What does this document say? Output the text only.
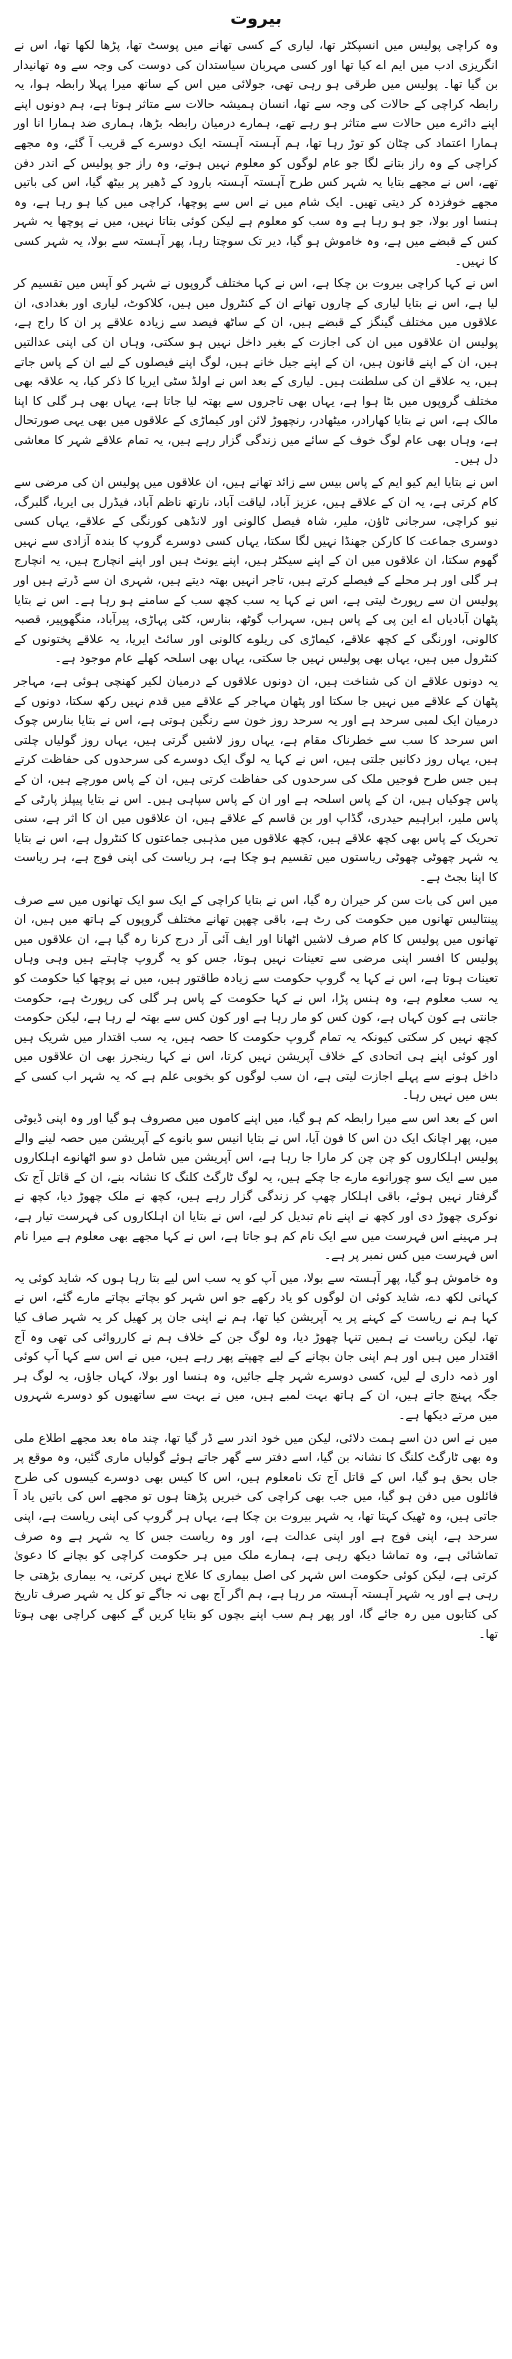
بیروت

وہ کراچی پولیس میں انسپکٹر تھا، لیاری کے کسی تھانے میں پوسٹ تھا، پڑھا لکھا تھا، اس نے انگریزی ادب میں ایم اے کیا تھا اور کسی مہربان سیاستدان کی دوست کی وجہ سے وہ تھانیدار بن گیا تھا۔ پولیس میں طرقی ہو رہی تھی، جولائی میں اس کے ساتھ میرا پہلا رابطہ ہوا، یہ رابطہ کراچی کے حالات کی وجہ سے تھا، انسان ہمیشہ حالات سے متاثر ہوتا ہے، ہم دونوں اپنے اپنے دائرے میں حالات سے متاثر ہو رہے تھے، ہمارے درمیان رابطہ بڑھا، ہماری ضد ہمارا انا اور ہمارا اعتماد کی چٹان کو توڑ رہا تھا، ہم آہستہ آہستہ ایک دوسرے کے قریب آ گئے، وہ مجھے کراچی کے وہ راز بتانے لگا جو عام لوگوں کو معلوم نہیں ہوتے، وہ راز جو پولیس کے اندر دفن تھے، اس نے مجھے بتایا یہ شہر کس طرح آہستہ آہستہ بارود کے ڈھیر پر بیٹھ گیا، اس کی باتیں مجھے خوفزدہ کر دیتی تھیں۔ ایک شام میں نے اس سے پوچھا، کراچی میں کیا ہو رہا ہے، وہ ہنسا اور بولا، جو ہو رہا ہے وہ سب کو معلوم ہے لیکن کوئی بتاتا نہیں، میں نے پوچھا یہ شہر کس کے قبضے میں ہے، وہ خاموش ہو گیا، دیر تک سوچتا رہا، پھر آہستہ سے بولا، یہ شہر کسی کا نہیں۔

اس نے کہا کراچی بیروت بن چکا ہے، اس نے کہا مختلف گروپوں نے شہر کو آپس میں تقسیم کر لیا ہے، اس نے بتایا لیاری کے چاروں تھانے ان کے کنٹرول میں ہیں، کلاکوٹ، لیاری اور بغدادی، ان علاقوں میں مختلف گینگز کے قبضے ہیں، ان کے ساٹھ فیصد سے زیادہ علاقے پر ان کا راج ہے، پولیس ان علاقوں میں ان کی اجازت کے بغیر داخل نہیں ہو سکتی، وہاں ان کی اپنی عدالتیں ہیں، ان کے اپنے قانون ہیں، ان کے اپنے جیل خانے ہیں، لوگ اپنے فیصلوں کے لیے ان کے پاس جاتے ہیں، یہ علاقے ان کی سلطنت ہیں۔ لیاری کے بعد اس نے اولڈ سٹی ایریا کا ذکر کیا، یہ علاقہ بھی مختلف گروپوں میں بٹا ہوا ہے، یہاں بھی تاجروں سے بھتہ لیا جاتا ہے، یہاں بھی ہر گلی کا اپنا مالک ہے، اس نے بتایا کھارادر، میٹھادر، رنچھوڑ لائن اور کیماڑی کے علاقوں میں بھی یہی صورتحال ہے، وہاں بھی عام لوگ خوف کے سائے میں زندگی گزار رہے ہیں، یہ تمام علاقے شہر کا معاشی دل ہیں۔

اس نے بتایا ایم کیو ایم کے پاس بیس سے زائد تھانے ہیں، ان علاقوں میں پولیس ان کی مرضی سے کام کرتی ہے، یہ ان کے علاقے ہیں، عزیز آباد، لیاقت آباد، نارتھ ناظم آباد، فیڈرل بی ایریا، گلبرگ، نیو کراچی، سرجانی ٹاؤن، ملیر، شاہ فیصل کالونی اور لانڈھی کورنگی کے علاقے، یہاں کسی دوسری جماعت کا کارکن جھنڈا نہیں لگا سکتا، یہاں کسی دوسرے گروپ کا بندہ آزادی سے نہیں گھوم سکتا، ان علاقوں میں ان کے اپنے سیکٹر ہیں، اپنے یونٹ ہیں اور اپنے انچارج ہیں، یہ انچارج ہر گلی اور ہر محلے کے فیصلے کرتے ہیں، تاجر انہیں بھتہ دیتے ہیں، شہری ان سے ڈرتے ہیں اور پولیس ان سے رپورٹ لیتی ہے، اس نے کہا یہ سب کچھ سب کے سامنے ہو رہا ہے۔ اس نے بتایا پٹھان آبادیاں اے این پی کے پاس ہیں، سہراب گوٹھ، بنارس، کٹی پہاڑی، پیرآباد، منگھوپیر، قصبہ کالونی، اورنگی کے کچھ علاقے، کیماڑی کی ریلوے کالونی اور سائٹ ایریا، یہ علاقے پختونوں کے کنٹرول میں ہیں، یہاں بھی پولیس نہیں جا سکتی، یہاں بھی اسلحہ کھلے عام موجود ہے۔

یہ دونوں علاقے ان کی شناخت ہیں، ان دونوں علاقوں کے درمیان لکیر کھنچی ہوئی ہے، مہاجر پٹھان کے علاقے میں نہیں جا سکتا اور پٹھان مہاجر کے علاقے میں قدم نہیں رکھ سکتا، دونوں کے درمیان ایک لمبی سرحد ہے اور یہ سرحد روز خون سے رنگین ہوتی ہے، اس نے بتایا بنارس چوک اس سرحد کا سب سے خطرناک مقام ہے، یہاں روز لاشیں گرتی ہیں، یہاں روز گولیاں چلتی ہیں، یہاں روز دکانیں جلتی ہیں، اس نے کہا یہ لوگ ایک دوسرے کی سرحدوں کی حفاظت کرتے ہیں جس طرح فوجیں ملک کی سرحدوں کی حفاظت کرتی ہیں، ان کے پاس مورچے ہیں، ان کے پاس چوکیاں ہیں، ان کے پاس اسلحہ ہے اور ان کے پاس سپاہی ہیں۔ اس نے بتایا پیپلز پارٹی کے پاس ملیر، ابراہیم حیدری، گڈاپ اور بن قاسم کے علاقے ہیں، ان علاقوں میں ان کا اثر ہے، سنی تحریک کے پاس بھی کچھ علاقے ہیں، کچھ علاقوں میں مذہبی جماعتوں کا کنٹرول ہے، اس نے بتایا یہ شہر چھوٹی چھوٹی ریاستوں میں تقسیم ہو چکا ہے، ہر ریاست کی اپنی فوج ہے، ہر ریاست کا اپنا بجٹ ہے۔

میں اس کی بات سن کر حیران رہ گیا، اس نے بتایا کراچی کے ایک سو ایک تھانوں میں سے صرف پینتالیس تھانوں میں حکومت کی رٹ ہے، باقی چھپن تھانے مختلف گروپوں کے ہاتھ میں ہیں، ان تھانوں میں پولیس کا کام صرف لاشیں اٹھانا اور ایف آئی آر درج کرنا رہ گیا ہے، ان علاقوں میں پولیس کا افسر اپنی مرضی سے تعینات نہیں ہوتا، جس کو یہ گروپ چاہتے ہیں وہی وہاں تعینات ہوتا ہے، اس نے کہا یہ گروپ حکومت سے زیادہ طاقتور ہیں، میں نے پوچھا کیا حکومت کو یہ سب معلوم ہے، وہ ہنس پڑا، اس نے کہا حکومت کے پاس ہر گلی کی رپورٹ ہے، حکومت جانتی ہے کون کہاں ہے، کون کس کو مار رہا ہے اور کون کس سے بھتہ لے رہا ہے، لیکن حکومت کچھ نہیں کر سکتی کیونکہ یہ تمام گروپ حکومت کا حصہ ہیں، یہ سب اقتدار میں شریک ہیں اور کوئی اپنے ہی اتحادی کے خلاف آپریشن نہیں کرتا، اس نے کہا رینجرز بھی ان علاقوں میں داخل ہونے سے پہلے اجازت لیتی ہے، ان سب لوگوں کو بخوبی علم ہے کہ یہ شہر اب کسی کے بس میں نہیں رہا۔

اس کے بعد اس سے میرا رابطہ کم ہو گیا، میں اپنے کاموں میں مصروف ہو گیا اور وہ اپنی ڈیوٹی میں، پھر اچانک ایک دن اس کا فون آیا، اس نے بتایا انیس سو بانوے کے آپریشن میں حصہ لینے والے پولیس اہلکاروں کو چن چن کر مارا جا رہا ہے، اس آپریشن میں شامل دو سو اٹھانوے اہلکاروں میں سے ایک سو چورانوے مارے جا چکے ہیں، یہ لوگ ٹارگٹ کلنگ کا نشانہ بنے، ان کے قاتل آج تک گرفتار نہیں ہوئے، باقی اہلکار چھپ کر زندگی گزار رہے ہیں، کچھ نے ملک چھوڑ دیا، کچھ نے نوکری چھوڑ دی اور کچھ نے اپنے نام تبدیل کر لیے، اس نے بتایا ان اہلکاروں کی فہرست تیار ہے، ہر مہینے اس فہرست میں سے ایک نام کم ہو جاتا ہے، اس نے کہا مجھے بھی معلوم ہے میرا نام اس فہرست میں کس نمبر پر ہے۔

وہ خاموش ہو گیا، پھر آہستہ سے بولا، میں آپ کو یہ سب اس لیے بتا رہا ہوں کہ شاید کوئی یہ کہانی لکھ دے، شاید کوئی ان لوگوں کو یاد رکھے جو اس شہر کو بچاتے بچاتے مارے گئے، اس نے کہا ہم نے ریاست کے کہنے پر یہ آپریشن کیا تھا، ہم نے اپنی جان پر کھیل کر یہ شہر صاف کیا تھا، لیکن ریاست نے ہمیں تنہا چھوڑ دیا، وہ لوگ جن کے خلاف ہم نے کارروائی کی تھی وہ آج اقتدار میں ہیں اور ہم اپنی جان بچانے کے لیے چھپتے پھر رہے ہیں، میں نے اس سے کہا آپ کوئی اور ذمہ داری لے لیں، کسی دوسرے شہر چلے جائیں، وہ ہنسا اور بولا، کہاں جاؤں، یہ لوگ ہر جگہ پہنچ جاتے ہیں، ان کے ہاتھ بہت لمبے ہیں، میں نے بہت سے ساتھیوں کو دوسرے شہروں میں مرتے دیکھا ہے۔

میں نے اس دن اسے ہمت دلائی، لیکن میں خود اندر سے ڈر گیا تھا، چند ماہ بعد مجھے اطلاع ملی وہ بھی ٹارگٹ کلنگ کا نشانہ بن گیا، اسے دفتر سے گھر جاتے ہوئے گولیاں ماری گئیں، وہ موقع پر جاں بحق ہو گیا، اس کے قاتل آج تک نامعلوم ہیں، اس کا کیس بھی دوسرے کیسوں کی طرح فائلوں میں دفن ہو گیا، میں جب بھی کراچی کی خبریں پڑھتا ہوں تو مجھے اس کی باتیں یاد آ جاتی ہیں، وہ ٹھیک کہتا تھا، یہ شہر بیروت بن چکا ہے، یہاں ہر گروپ کی اپنی ریاست ہے، اپنی سرحد ہے، اپنی فوج ہے اور اپنی عدالت ہے، اور وہ ریاست جس کا یہ شہر ہے وہ صرف تماشائی ہے، وہ تماشا دیکھ رہی ہے، ہمارے ملک میں ہر حکومت کراچی کو بچانے کا دعویٰ کرتی ہے، لیکن کوئی حکومت اس شہر کی اصل بیماری کا علاج نہیں کرتی، یہ بیماری بڑھتی جا رہی ہے اور یہ شہر آہستہ آہستہ مر رہا ہے، ہم اگر آج بھی نہ جاگے تو کل یہ شہر صرف تاریخ کی کتابوں میں رہ جائے گا، اور پھر ہم سب اپنے بچوں کو بتایا کریں گے کبھی کراچی بھی ہوتا تھا۔
